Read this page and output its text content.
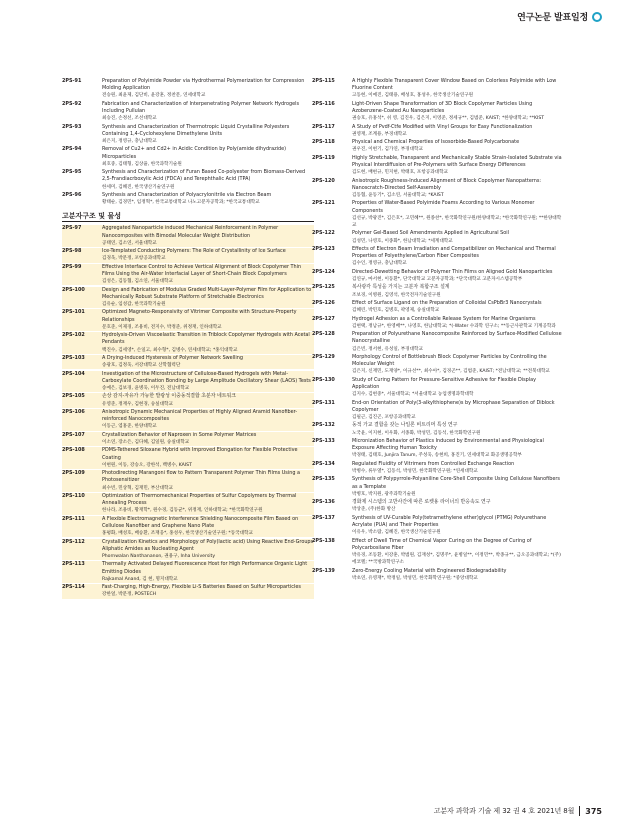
연구논문 발표일정
2PS-91	Preparation of Polyimide Powder via Hydrothermal Polymerization for Compression Molding Application
전승원, 최윤제, 김단비, 윤강훈, 정찬문, 연세대학교
2PS-92	Fabrication and Characterization of Interpenetrating Polymer Network Hydrogels Including Pullulan
최승진, 손정선, 조선대학교
2PS-93	Synthesis and Characterization of Thermotropic Liquid Crystalline Polyesters Containing 1,4-Cyclohexylene Dimethylene Units
최은지, 정영규, 충남대학교
2PS-94	Removal of Cu2+ and Cd2+ in Acidic Condition by Poly(amide dihydrazide) Microparticles
최호중, 김태형, 김상율, 한국과학기술원
2PS-95	Synthesis and Characterization of Furan Based Co-polyester from Biomass-Derived 2,5-Frandiacrboxylic Acid (FDCA) and Terephthalic Acid (TPA)
한세미, 김혜진, 한국생산기술연구원
2PS-96	Synthesis and Characterization of Polyacrylonitrile via Electron Beam
황태순, 김경민*, 임정혁*, 한국교통대학교 나노고분자공학과; *한국교통대학교
고분자구조 및 물성
2PS-97	Aggregated Nanoparticle induced Mechanical Reinforcement in Polymer Nanocomposites with Bimodal Molecular Weight Distribution
공태연, 김소연, 서울대학교
2PS-98	Ice-Templated Conducting Polymers: The Role of Crystallinity of Ice Surface
김경욱, 박문정, 포항공과대학교
2PS-99	Effective Interface Control to Achieve Vertical Alignment of Block Copolymer Thin Films Using the Air-Water Interfacial Layer of Short-Chain Block Copolymers
김성은, 김동협, 김소연, 서울대학교
2PS-100	Design and Fabrication of Modulus Graded Multi-Layer-Polymer Film for Application to Mechanically Robust Substrate Platform of Stretchable Electronics
김유순, 임성갑, 한국과학기술원
2PS-101	Optimized Magneto-Responsivity of Vitrimer Composite with Structure-Property Relationships
문호준, 이제경, 조용비, 전지수, 박정준, 위정재, 인하대학교
2PS-102	Hydrolysis-Driven Viscoelastic Transition in Triblock Copolymer Hydrogels with Acetal Pendants
백진수, 김세영*, 손일고, 최수형*, 김병수, 연세대학교; *홍익대학교
2PS-103	A Drying-Induced Hysteresis of Polymer Network Swelling
송광호, 김정욱, 서강대학교 산학협력단
2PS-104	Investigation of the Microstructure of Cellulose-Based Hydrogels with Metal-Carboxylate Coordination Bonding by Large Amplitude Oscillatory Shear (LAOS) Tests
송예은, 김보경, 윤병욱, 이두진, 전남대학교
2PS-105	손상 감지-자유가 가능한 발광성 이중동적결합 초분자 네트워크
유영준, 정재우, 김현경, 숭실대학교
2PS-106	Anisotropic Dynamic Mechanical Properties of Highly Aligned Aramid Nanofiber-reinforced Nanocomposites
이동근, 염홍준, 한양대학교
2PS-107	Crystallization Behavior of Naproxen in Some Polymer Matrices
이소연, 장소은, 김다혜, 김일원, 숭실대학교
2PS-108	PDMS-Tethered Siloxane Hybrid with Improved Elongation for Flexible Protective Coating
이현원, 이동, 강승오, 강한석, 백병수, KAIST
2PS-109	Photodirecting Marangoni flow to Pattern Transparent Polymer Thin Films Using a Photosensitizer
최수빈, 민상혁, 김재민, 부산대학교
2PS-110	Optimization of Thermomechanical Properties of Sulfur Copolymers by Thermal Annealing Process
한나라, 조용비, 황재학*, 원수경, 김동균*, 위정재, 인하대학교; *한국화학연구원
2PS-111	A Flexible Electromagnetic Interference Shielding Nanocomposite Film Based on Cellulose Nanofiber and Graphene Nano Plate
홍평화, 배성호, 배승환, 조재웅*, 홍성우, 한국생산기술연구원; *동국대학교
2PS-112	Crystallization Kinetics and Morphology of Poly(lactic acid) Using Reactive End-Groups Aliphatic Amides as Nucleating Agent
Phornwalan Nanthananon, 권용구, Inha University
2PS-113	Thermally Activated Delayed Fluorescence Host for High Performance Organic Light Emitting Diodes
Rajkamal Anand, 김 현, 명지대학교
2PS-114	Fast-Charging, High-Energy, Flexible Li-S Batteries Based on Sulfur Microparticles
강한얼, 박문정, POSTECH
2PS-115	A Highly Flexible Transparent Cover Window Based on Colorless Polyimide with Low Fluorine Content
고동현, 이예진, 김태용, 배성호, 홍성우, 한국생산기술연구원
2PS-116	Light-Driven Shape Transformation of 3D Block Copolymer Particles Using Azobenzene-Coated Au Nanoparticles
권승호, 유홍석*, 쉬 영, 김진우, 김은지, 이영준, 정세규**, 김범준, KAIST; *한양대학교; **KIST
2PS-117	A Study of Pvdf-Ctfe Modified with Vinyl Groups for Easy Functionalization
권영재, 조계용, 부경대학교
2PS-118	Physical and Chemical Properties of Isosorbide-Based Polycarbonate
권우진, 이현기, 김가연, 부경대학교
2PS-119	Highly Stretchable, Transparent and Mechanically Stable Strain-Isolated Substrate via Physical Interdiffusion of Pre-Polymers with Surface Energy Differences
김도현, 배현규, 민지현, 박태호, 포항공과대학교
2PS-120	Anisotropic Roughness-Induced Alignment of Block Copolymer Nanopatterns: Nanoscratch-Directed Self-Assembly
김동협, 윤동기*, 김소연, 서울대학교; *KAIST
2PS-121	Properties of Water-Based Polyimide Foams According to Various Monomer Components
김선규, 박광진*, 김은호*, 고민혜**, 원종찬*, 한국화학연구원/한양대학교; *한국화학연구원; **한양대학교
2PS-122	Polymer Gel-Based Soil Amendments Applied in Agricultural Soil
김성민, 나영호, 이종화*, 한남대학교; *세계대학교
2PS-123	Effects of Electron Beam Irradiation and Compatibilizer on Mechanical and Thermal Properties of Polyethylene/Carbon Fiber Composites
김수인, 정영규, 충남대학교
2PS-124	Directed-Dewetting Behavior of Polymer Thin Films on Aligned Gold Nanoparticles
김연규, 마서현, 이동환*, 단국대학교 고분자공학과; *단국대학교 고분자시스템공학부
2PS-125	복사광각 특성을 가지는 고분자 복합구조 설계
조보경, 이병원, 김영석, 한국전자기술연구원
2PS-126	Effect of Surface Ligand on the Preparation of Colloidal CsPbBr3 Nanocrystals
김혜린, 박민호, 김병호, 곽영제, 숭실대학교
2PS-127	Hydrogel Adhesion as a Controllable Release System for Marine Organisms
김현택, 정남규*, 한영배**, 나영호, 한남대학교; *(-Water 수과학 연구소; **동근사관학교 기계공학과
2PS-128	Preparation of Polyurethane Nanocomposite Reinforced by Surface-Modified Cellulose Nanocrystalline
김은빈, 정서현, 유성일, 부경대학교
2PS-129	Morphology Control of Bottlebrush Block Copolymer Particles by Controlling the Molecular Weight
김은지, 신재민, 도재양*, 이규선**, 최수아*, 김경곤**, 김범준, KAIST; *전남대학교; **전북대학교
2PS-130	Study of Curing Pattern for Pressure-Sensitive Adhesive for Flexible Display Application
김지수, 김현중*, 서울대학교; *서울대학교 농업생명과학대학
2PS-131	End-on Orientation of Poly(3-alkylthiophene)s by Microphase Separation of Diblock Copolymer
김필근, 김진곤, 포항공과대학교
2PS-132	동적 가교 결합을 갖는 나일론 비트리머 특성 연구
노국윤, 이지현, 이우화, 서종화, 박성민, 김동석, 한국화학연구원
2PS-133	Micronization Behavior of Plastics Induced by Environmental and Physiological Exposure Affecting Human Toxicity
박경태, 김태호, Junjira Tanum, 주성욱, 송현희, 홍진기, 연세대학교 화공생명공학부
2PS-134	Regulated Fluidity of Vitrimers from Controlled Exchange Reaction
박병수, 류두열*, 김동석, 박성민, 한국화학연구원; *연세대학교
2PS-135	Synthesis of Polypyrrole-Polyaniline Core-Shell Composite Using Cellulose Nanofibers as a Template
박병호, 박지원, 광주과학기술원
2PS-136	경화제 시스템의 고반사간에 따른 로켓용 라이너의 반응속도 연구
박상준, (주)한화 방산
2PS-137	Synthesis of UV-Curable Poly(tetramethylene ether)glycol (PTMG) Polyurethane Acrylate (PUA) and Their Properties
이유우, 박소람, 김혜진, 한국생산기술연구원
2PS-138	Effect of Dwell Time of Chemical Vapor Curing on the Degree of Curing of Polycarbosilane Fiber
박유경, 조동환, 이강훈, 박범원, 김재성*, 김명주*, 윤병일**, 이정민**, 박종규**, 금오공과대학교; *(주)에코렐; **국방과학연구소
2PS-139	Zero-Energy Cooling Material with Engineered Biodegradability
박초연, 유영재*, 박정일, 박성민, 한국화학연구원; *중앙대학교
고분자 과학과 기술 제 32 권 4 호 2021년 8월 375
